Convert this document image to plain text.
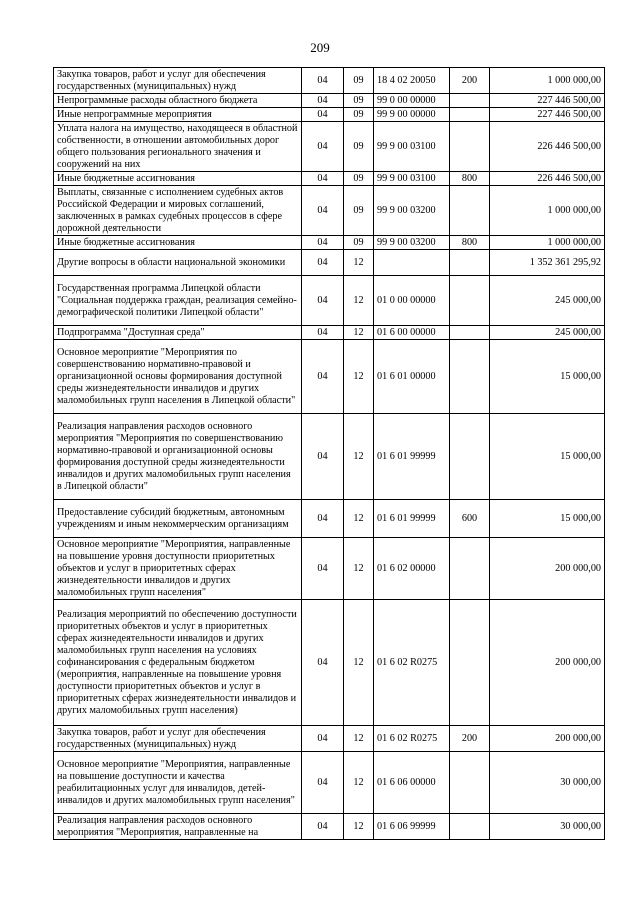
209
Закупка товаров, работ и услуг для обеспечения государственных (муниципальных) нужд	04	09	18 4 02 20050	200	1 000 000,00
Непрограммные расходы областного бюджета	04	09	99 0 00 00000		227 446 500,00
Иные непрограммные мероприятия	04	09	99 9 00 00000		227 446 500,00
Уплата налога на имущество, находящееся в областной собственности, в отношении автомобильных дорог общего пользования регионального значения и сооружений на них	04	09	99 9 00 03100		226 446 500,00
Иные бюджетные ассигнования	04	09	99 9 00 03100	800	226 446 500,00
Выплаты, связанные с исполнением судебных актов Российской Федерации и мировых соглашений, заключенных в рамках судебных процессов в сфере дорожной деятельности	04	09	99 9 00 03200		1 000 000,00
Иные бюджетные ассигнования	04	09	99 9 00 03200	800	1 000 000,00
Другие вопросы в области национальной экономики	04	12			1 352 361 295,92
Государственная программа Липецкой области "Социальная поддержка граждан, реализация семейно-демографической политики Липецкой области"	04	12	01 0 00 00000		245 000,00
Подпрограмма "Доступная среда"	04	12	01 6 00 00000		245 000,00
Основное мероприятие "Мероприятия по совершенствованию нормативно-правовой и организационной основы формирования доступной среды жизнедеятельности инвалидов и других маломобильных групп населения в Липецкой области"	04	12	01 6 01 00000		15 000,00
Реализация направления расходов основного мероприятия "Мероприятия по совершенствованию нормативно-правовой и организационной основы формирования доступной среды жизнедеятельности инвалидов и других маломобильных групп населения в Липецкой области"	04	12	01 6 01 99999		15 000,00
Предоставление субсидий бюджетным, автономным учреждениям и иным некоммерческим организациям	04	12	01 6 01 99999	600	15 000,00
Основное мероприятие "Мероприятия, направленные на повышение уровня доступности приоритетных объектов и услуг в приоритетных сферах жизнедеятельности инвалидов и других маломобильных групп населения"	04	12	01 6 02 00000		200 000,00
Реализация мероприятий по обеспечению доступности приоритетных объектов и услуг в приоритетных сферах жизнедеятельности инвалидов и других маломобильных групп населения на условиях софинансирования с федеральным бюджетом (мероприятия, направленные на повышение уровня доступности приоритетных объектов и услуг в приоритетных сферах жизнедеятельности инвалидов и других маломобильных групп населения)	04	12	01 6 02 R0275		200 000,00
Закупка товаров, работ и услуг для обеспечения государственных (муниципальных) нужд	04	12	01 6 02 R0275	200	200 000,00
Основное мероприятие "Мероприятия, направленные на повышение доступности и качества реабилитационных услуг для инвалидов, детей-инвалидов и других маломобильных групп населения"	04	12	01 6 06 00000		30 000,00
Реализация направления расходов основного мероприятия "Мероприятия, направленные на	04	12	01 6 06 99999		30 000,00
